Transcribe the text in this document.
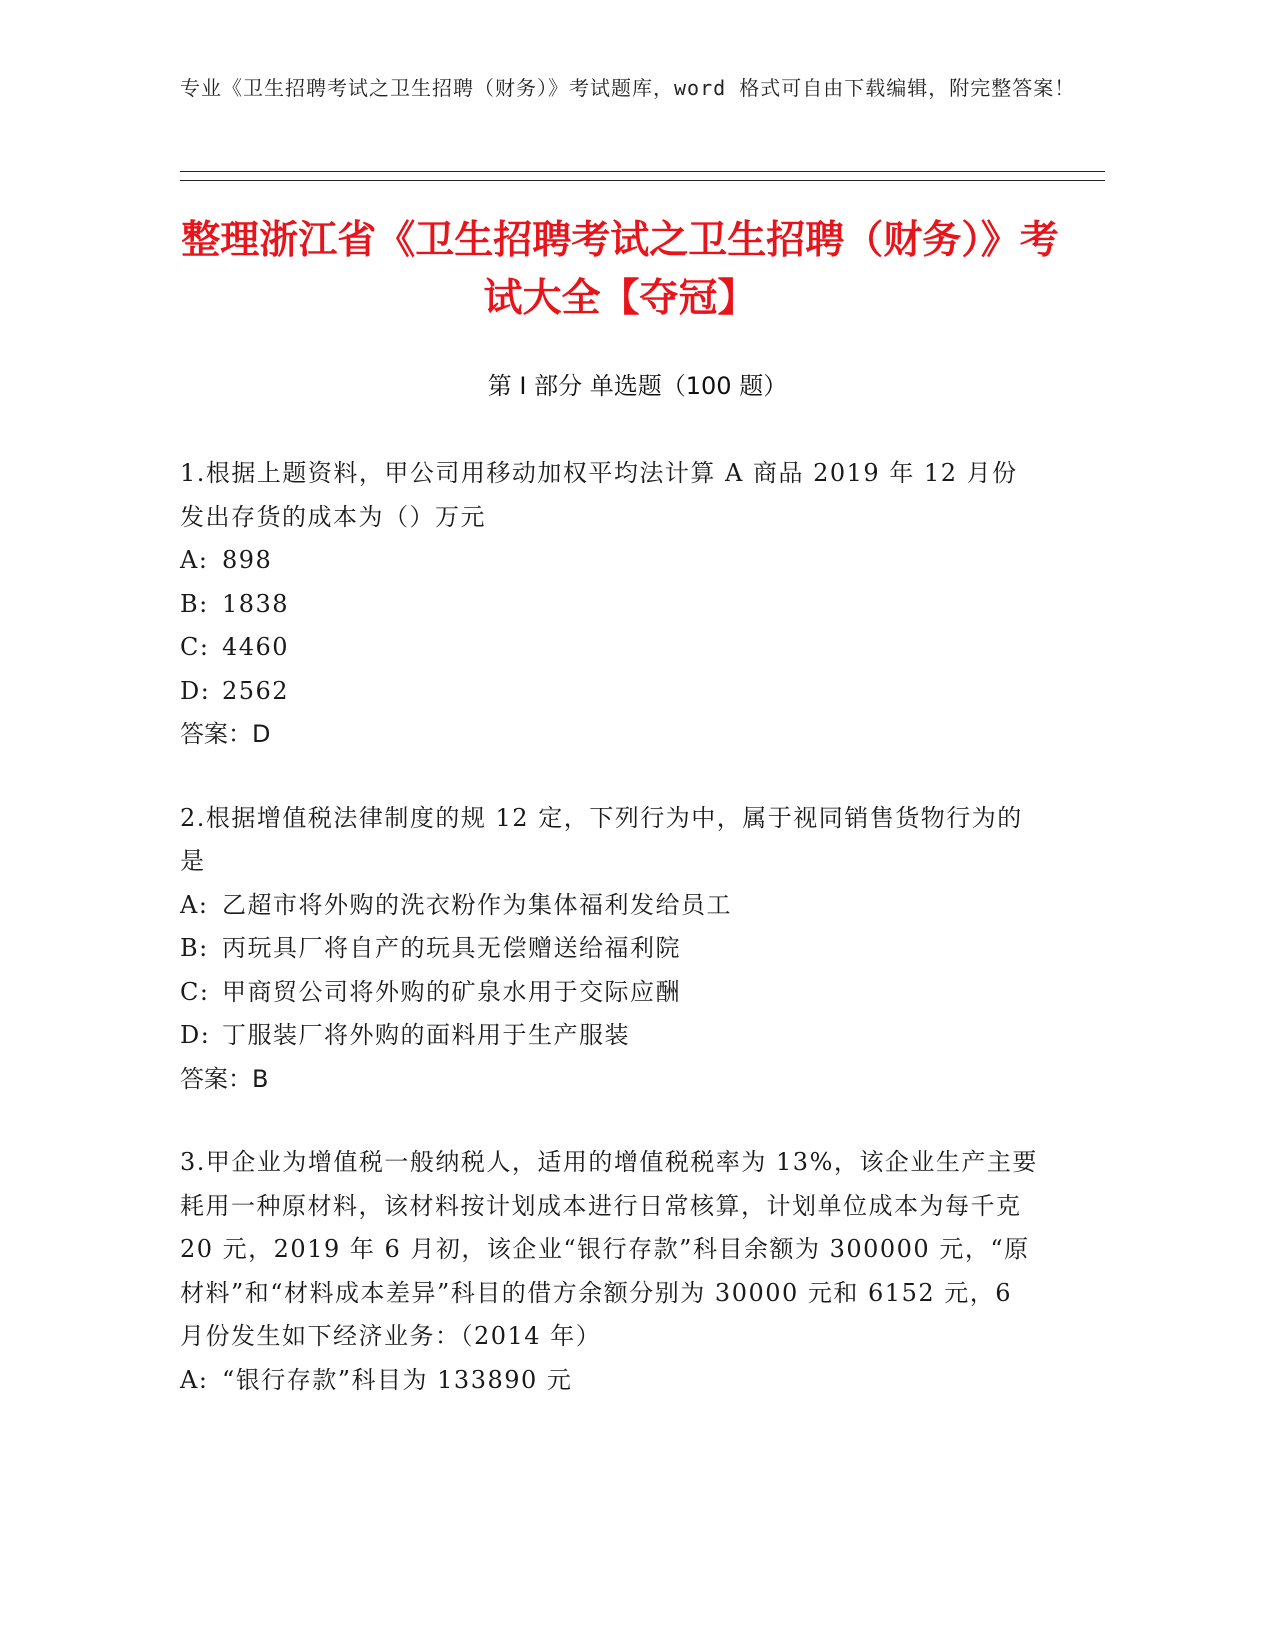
专业《卫生招聘考试之卫生招聘（财务）》考试题库，word 格式可自由下载编辑，附完整答案！
整理浙江省《卫生招聘考试之卫生招聘（财务）》考试大全【夺冠】
第 I 部分 单选题（100 题）

1.根据上题资料，甲公司用移动加权平均法计算 A 商品 2019 年 12 月份发出存货的成本为（）万元

A: 898

B: 1838

C: 4460

D: 2562

答案：D

2.根据增值税法律制度的规 12 定，下列行为中，属于视同销售货物行为的是

A: 乙超市将外购的洗衣粉作为集体福利发给员工

B: 丙玩具厂将自产的玩具无偿赠送给福利院

C: 甲商贸公司将外购的矿泉水用于交际应酬

D: 丁服装厂将外购的面料用于生产服装

答案：B

3.甲企业为增值税一般纳税人，适用的增值税税率为 13%，该企业生产主要耗用一种原材料，该材料按计划成本进行日常核算，计划单位成本为每千克 20 元，2019 年 6 月初，该企业“银行存款”科目余额为 300000 元，“原材料”和“材料成本差异”科目的借方余额分别为 30000 元和 6152 元，6 月份发生如下经济业务：（2014 年）

A: “银行存款”科目为 133890 元
